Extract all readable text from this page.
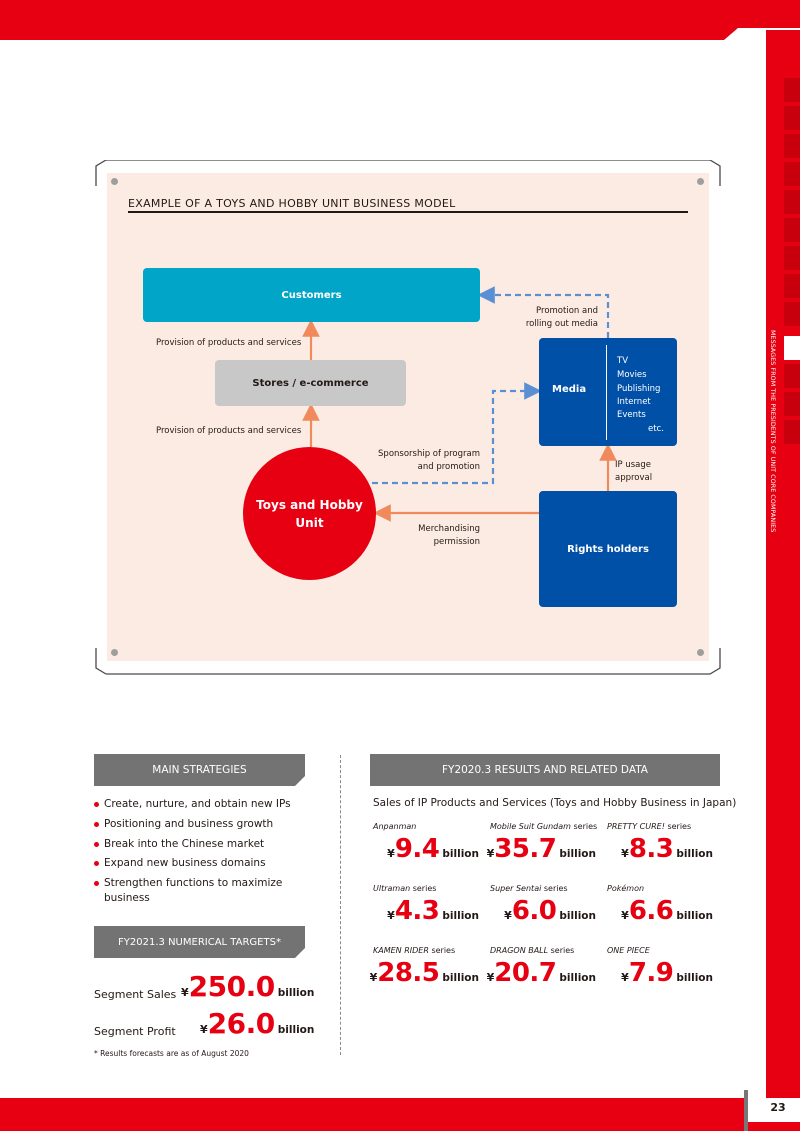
MESSAGES FROM THE PRESIDENTS OF UNIT CORE COMPANIES
23
EXAMPLE OF A TOYS AND HOBBY UNIT BUSINESS MODEL
Customers
Stores / e-commerce
Toys and Hobby
Unit
Media
TV
Movies
Publishing
Internet
Events
etc.
Rights holders
Provision of products and services
Provision of products and services
Promotion and
rolling out media
Sponsorship of program
and promotion	IP usage
approval
Merchandising
permission
MAIN STRATEGIES
Create, nurture, and obtain new IPs
Positioning and business growth
Break into the Chinese market
Expand new business domains
Strengthen functions to maximize business
FY2021.3 NUMERICAL TARGETS*
Segment Sales ¥250.0 billion
Segment Profit ¥26.0 billion
* Results forecasts are as of August 2020
FY2020.3 RESULTS AND RELATED DATA
Sales of IP Products and Services (Toys and Hobby Business in Japan)
Anpanman
¥9.4 billion
Mobile Suit Gundam series
¥35.7 billion
PRETTY CURE! series
¥8.3 billion
Ultraman series
¥4.3 billion
Super Sentai series
¥6.0 billion
Pokémon
¥6.6 billion
KAMEN RIDER series
¥28.5 billion
DRAGON BALL series
¥20.7 billion
ONE PIECE
¥7.9 billion
